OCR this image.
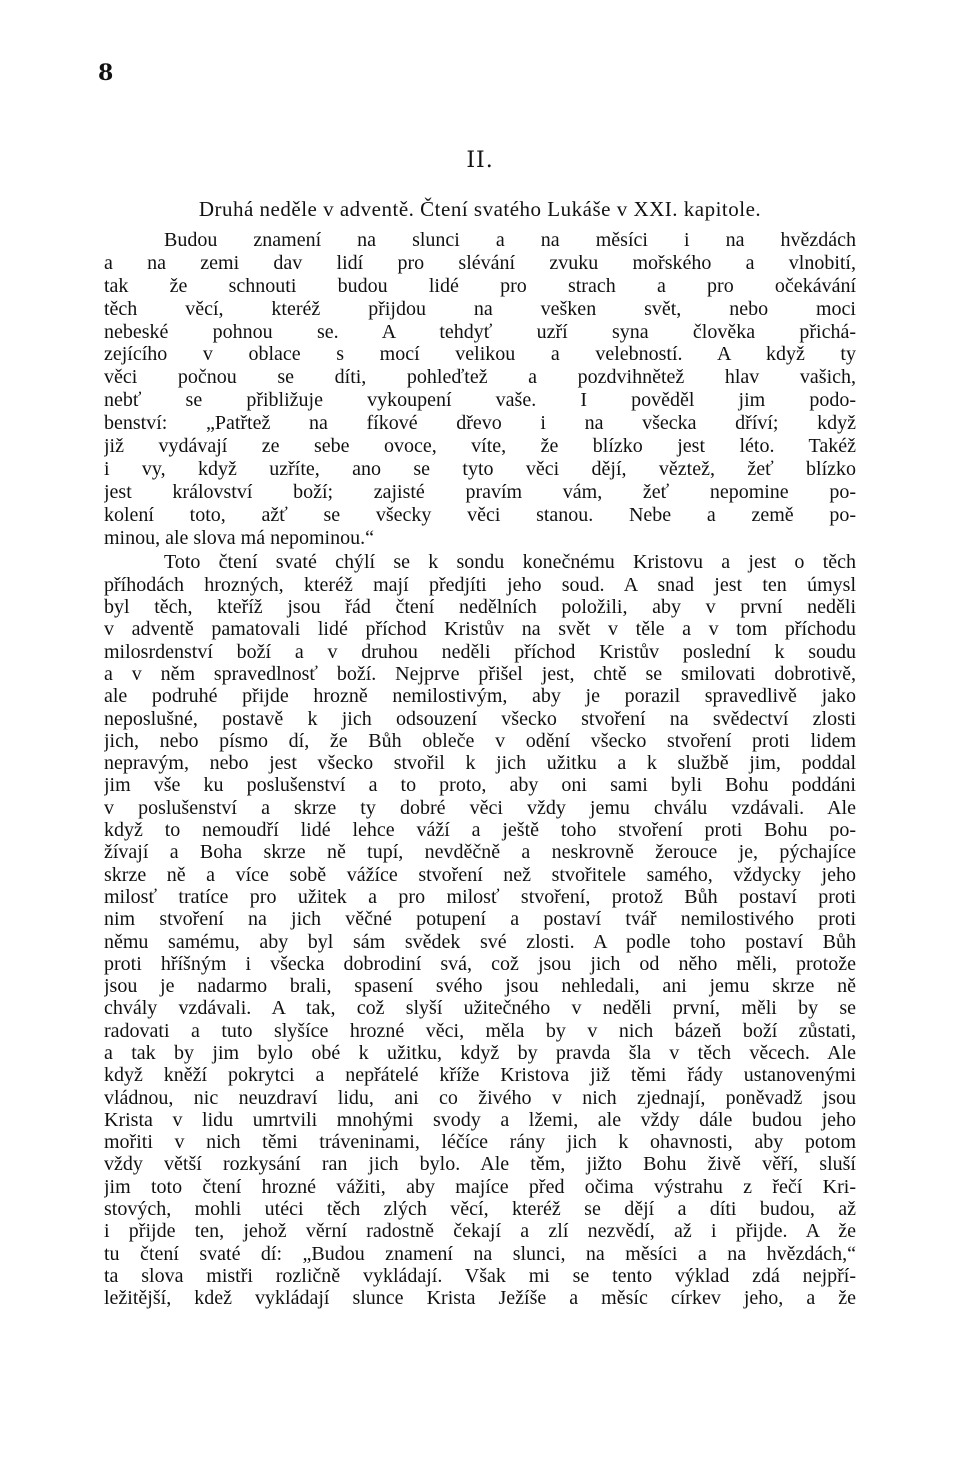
8
II.
Druhá neděle v adventě. Čtení svatého Lukáše v XXI. kapitole.
Budou znamení na slunci a na měsíci i na hvězdách
a na zemi dav lidí pro slévání zvuku mořského a vlnobití,
tak že schnouti budou lidé pro strach a pro očekávání
těch věcí, kteréž přijdou na vešken svět, nebo moci
nebeské pohnou se. A tehdyť uzří syna člověka přichá-
zejícího v oblace s mocí velikou a velebností. A když ty
věci počnou se díti, pohleďtež a pozdvihnětež hlav vašich,
nebť se přibližuje vykoupení vaše. I pověděl jim podo-
benství: „Patřtež na fíkové dřevo i na všecka dříví; když
již vydávají ze sebe ovoce, víte, že blízko jest léto. Takéž
i vy, když uzříte, ano se tyto věci dějí, věztež, žeť blízko
jest království boží; zajisté pravím vám, žeť nepomine po-
kolení toto, ažť se všecky věci stanou. Nebe a země po-
minou, ale slova má nepominou.“
Toto čtení svaté chýlí se k sondu konečnému Kristovu a jest o těch
příhodách hrozných, kteréž mají předjíti jeho soud. A snad jest ten úmysl
byl těch, kteříž jsou řád čtení nedělních položili, aby v první neděli
v adventě pamatovali lidé příchod Kristův na svět v těle a v tom příchodu
milosrdenství boží a v druhou neděli příchod Kristův poslední k soudu
a v něm spravedlnosť boží. Nejprve přišel jest, chtě se smilovati dobrotivě,
ale podruhé přijde hrozně nemilostivým, aby je porazil spravedlivě jako
neposlušné, postavě k jich odsouzení všecko stvoření na svědectví zlosti
jich, nebo písmo dí, že Bůh obleče v odění všecko stvoření proti lidem
nepravým, nebo jest všecko stvořil k jich užitku a k službě jim, poddal
jim vše ku poslušenství a to proto, aby oni sami byli Bohu poddáni
v poslušenství a skrze ty dobré věci vždy jemu chválu vzdávali. Ale
když to nemoudří lidé lehce váží a ještě toho stvoření proti Bohu po-
žívají a Boha skrze ně tupí, nevděčně a neskrovně žerouce je, pýchajíce
skrze ně a více sobě vážíce stvoření než stvořitele samého, vždycky jeho
milosť tratíce pro užitek a pro milosť stvoření, protož Bůh postaví proti
nim stvoření na jich věčné potupení a postaví tvář nemilostivého proti
němu samému, aby byl sám svědek své zlosti. A podle toho postaví Bůh
proti hříšným i všecka dobrodiní svá, což jsou jich od něho měli, protože
jsou je nadarmo brali, spasení svého jsou nehledali, ani jemu skrze ně
chvály vzdávali. A tak, což slyší užitečného v neděli první, měli by se
radovati a tuto slyšíce hrozné věci, měla by v nich bázeň boží zůstati,
a tak by jim bylo obé k užitku, když by pravda šla v těch věcech. Ale
když kněží pokrytci a nepřátelé kříže Kristova již těmi řády ustanovenými
vládnou, nic neuzdraví lidu, ani co živého v nich zjednají, poněvadž jsou
Krista v lidu umrtvili mnohými svody a lžemi, ale vždy dále budou jeho
mořiti v nich těmi tráveninami, léčíce rány jich k ohavnosti, aby potom
vždy větší rozkysání ran jich bylo. Ale těm, jižto Bohu živě věří, sluší
jim toto čtení hrozné vážiti, aby majíce před očima výstrahu z řečí Kri-
stových, mohli utéci těch zlých věcí, kteréž se dějí a díti budou, až
i přijde ten, jehož věrní radostně čekají a zlí nezvědí, až i přijde. A že
tu čtení svaté dí: „Budou znamení na slunci, na měsíci a na hvězdách,“
ta slova mistři rozličně vykládají. Však mi se tento výklad zdá nejpří-
ležitější, kdež vykládají slunce Krista Ježíše a měsíc církev jeho, a že
